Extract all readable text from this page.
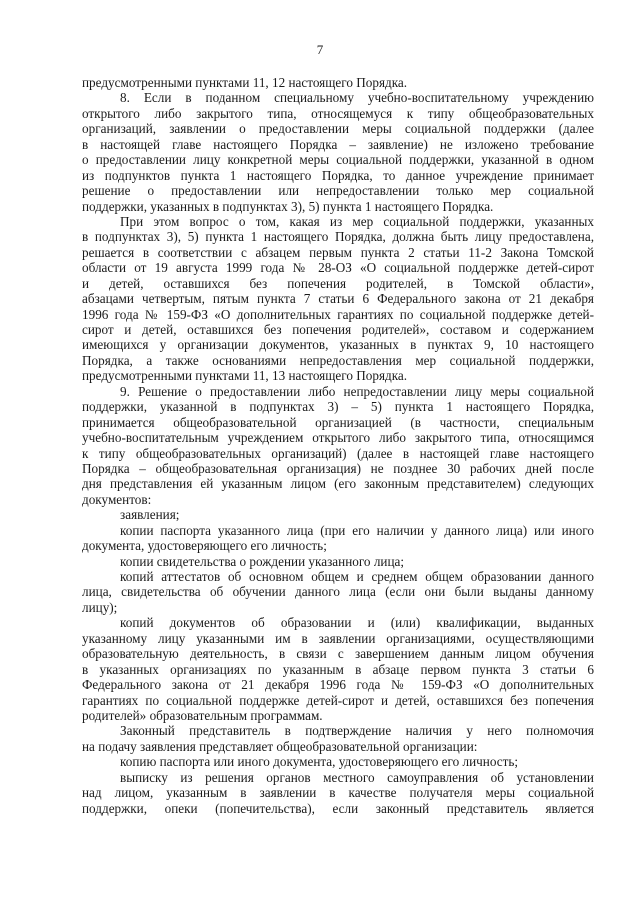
7
предусмотренными пунктами 11, 12 настоящего Порядка.
8. Если в поданном специальному учебно-воспитательному учреждению
открытого либо закрытого типа, относящемуся к типу общеобразовательных
организаций, заявлении о предоставлении меры социальной поддержки (далее
в настоящей главе настоящего Порядка – заявление) не изложено требование
о предоставлении лицу конкретной меры социальной поддержки, указанной в одном
из подпунктов пункта 1 настоящего Порядка, то данное учреждение принимает
решение о предоставлении или непредоставлении только мер социальной
поддержки, указанных в подпунктах 3), 5) пункта 1 настоящего Порядка.
При этом вопрос о том, какая из мер социальной поддержки, указанных
в подпунктах 3), 5) пункта 1 настоящего Порядка, должна быть лицу предоставлена,
решается в соответствии с абзацем первым пункта 2 статьи 11-2 Закона Томской
области от 19 августа 1999 года № 28-ОЗ «О социальной поддержке детей-сирот
и детей, оставшихся без попечения родителей, в Томской области»,
абзацами четвертым, пятым пункта 7 статьи 6 Федерального закона от 21 декабря
1996 года № 159-ФЗ «О дополнительных гарантиях по социальной поддержке детей-
сирот и детей, оставшихся без попечения родителей», составом и содержанием
имеющихся у организации документов, указанных в пунктах 9, 10 настоящего
Порядка, а также основаниями непредоставления мер социальной поддержки,
предусмотренными пунктами 11, 13 настоящего Порядка.
9. Решение о предоставлении либо непредоставлении лицу меры социальной
поддержки, указанной в подпунктах 3) – 5) пункта 1 настоящего Порядка,
принимается общеобразовательной организацией (в частности, специальным
учебно-воспитательным учреждением открытого либо закрытого типа, относящимся
к типу общеобразовательных организаций) (далее в настоящей главе настоящего
Порядка – общеобразовательная организация) не позднее 30 рабочих дней после
дня представления ей указанным лицом (его законным представителем) следующих
документов:
заявления;
копии паспорта указанного лица (при его наличии у данного лица) или иного
документа, удостоверяющего его личность;
копии свидетельства о рождении указанного лица;
копий аттестатов об основном общем и среднем общем образовании данного
лица, свидетельства об обучении данного лица (если они были выданы данному
лицу);
копий документов об образовании и (или) квалификации, выданных
указанному лицу указанными им в заявлении организациями, осуществляющими
образовательную деятельность, в связи с завершением данным лицом обучения
в указанных организациях по указанным в абзаце первом пункта 3 статьи 6
Федерального закона от 21 декабря 1996 года № 159-ФЗ «О дополнительных
гарантиях по социальной поддержке детей-сирот и детей, оставшихся без попечения
родителей» образовательным программам.
Законный представитель в подтверждение наличия у него полномочия
на подачу заявления представляет общеобразовательной организации:
копию паспорта или иного документа, удостоверяющего его личность;
выписку из решения органов местного самоуправления об установлении
над лицом, указанным в заявлении в качестве получателя меры социальной
поддержки, опеки (попечительства), если законный представитель является
